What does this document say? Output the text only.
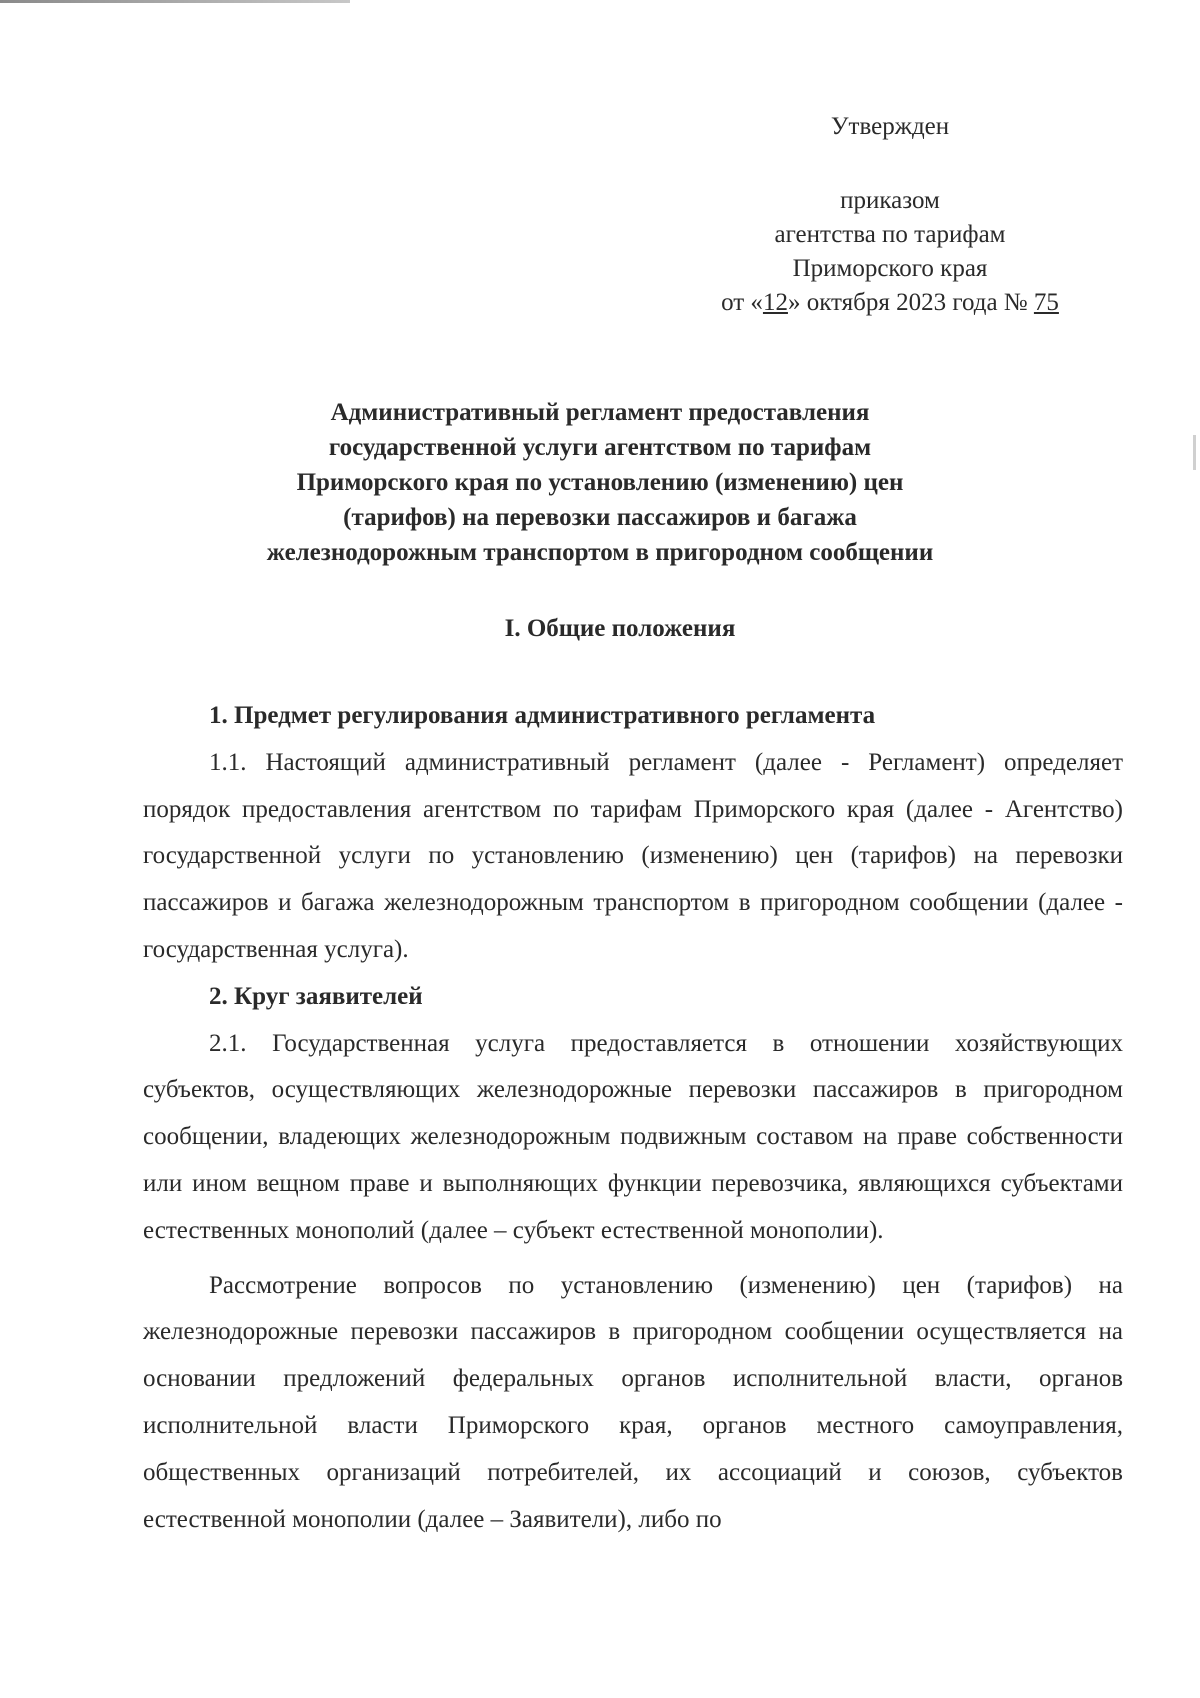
Утвержден
приказом
агентства по тарифам
Приморского края
от «12» октября 2023 года № 75
Административный регламент предоставления государственной услуги агентством по тарифам Приморского края по установлению (изменению) цен (тарифов) на перевозки пассажиров и багажа железнодорожным транспортом в пригородном сообщении
I. Общие положения

1. Предмет регулирования административного регламента

1.1. Настоящий административный регламент (далее - Регламент) определяет порядок предоставления агентством по тарифам Приморского края (далее - Агентство) государственной услуги по установлению (изменению) цен (тарифов) на перевозки пассажиров и багажа железнодорожным транспортом в пригородном сообщении (далее - государственная услуга).

2. Круг заявителей

2.1. Государственная услуга предоставляется в отношении хозяйствующих субъектов, осуществляющих железнодорожные перевозки пассажиров в пригородном сообщении, владеющих железнодорожным подвижным составом на праве собственности или ином вещном праве и выполняющих функции перевозчика, являющихся субъектами естественных монополий (далее – субъект естественной монополии).

Рассмотрение вопросов по установлению (изменению) цен (тарифов) на железнодорожные перевозки пассажиров в пригородном сообщении осуществляется на основании предложений федеральных органов исполнительной власти, органов исполнительной власти Приморского края, органов местного самоуправления, общественных организаций потребителей, их ассоциаций и союзов, субъектов естественной монополии (далее – Заявители), либо по
